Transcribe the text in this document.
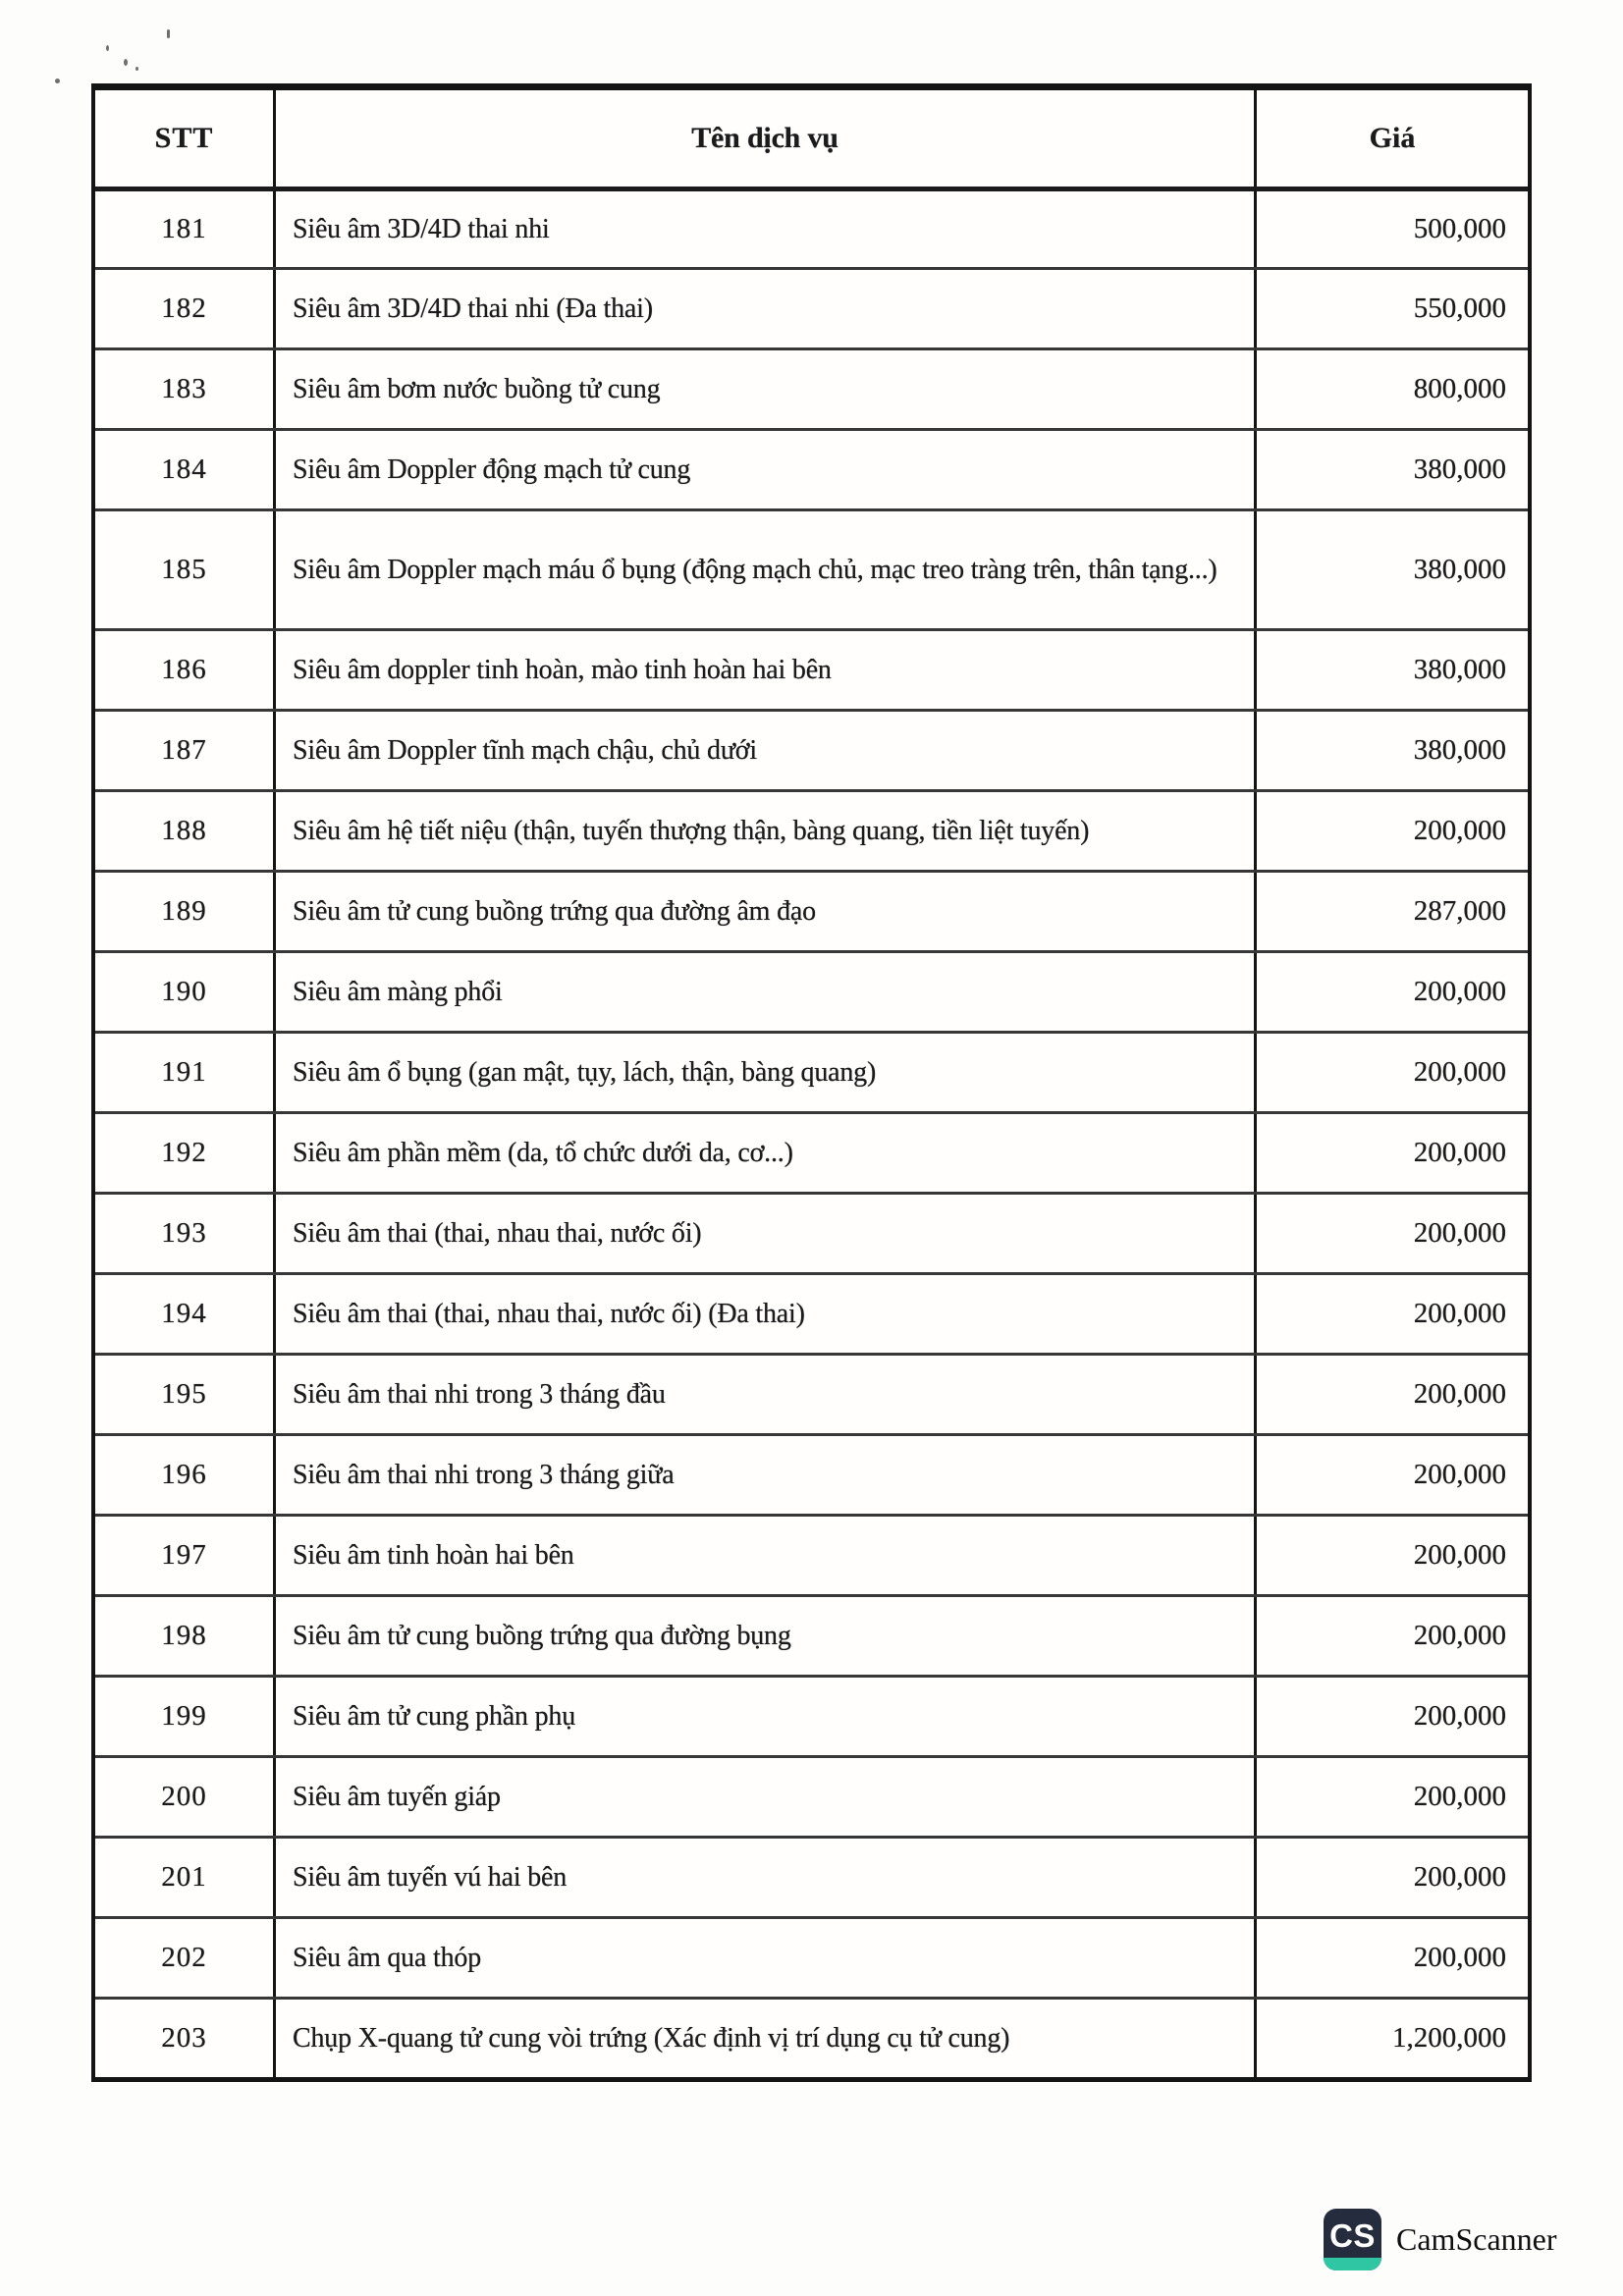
STT	Tên dịch vụ	Giá
181	Siêu âm 3D/4D thai nhi	500,000
182	Siêu âm 3D/4D thai nhi (Đa thai)	550,000
183	Siêu âm bơm nước buồng tử cung	800,000
184	Siêu âm Doppler động mạch tử cung	380,000
185	Siêu âm Doppler mạch máu ổ bụng (động mạch chủ, mạc treo tràng trên, thân tạng...)	380,000
186	Siêu âm doppler tinh hoàn, mào tinh hoàn hai bên	380,000
187	Siêu âm Doppler tĩnh mạch chậu, chủ dưới	380,000
188	Siêu âm hệ tiết niệu (thận, tuyến thượng thận, bàng quang, tiền liệt tuyến)	200,000
189	Siêu âm tử cung buồng trứng qua đường âm đạo	287,000
190	Siêu âm màng phổi	200,000
191	Siêu âm ổ bụng (gan mật, tụy, lách, thận, bàng quang)	200,000
192	Siêu âm phần mềm (da, tổ chức dưới da, cơ...)	200,000
193	Siêu âm thai (thai, nhau thai, nước ối)	200,000
194	Siêu âm thai (thai, nhau thai, nước ối) (Đa thai)	200,000
195	Siêu âm thai nhi trong 3 tháng đầu	200,000
196	Siêu âm thai nhi trong 3 tháng giữa	200,000
197	Siêu âm tinh hoàn hai bên	200,000
198	Siêu âm tử cung buồng trứng qua đường bụng	200,000
199	Siêu âm tử cung phần phụ	200,000
200	Siêu âm tuyến giáp	200,000
201	Siêu âm tuyến vú hai bên	200,000
202	Siêu âm qua thóp	200,000
203	Chụp X-quang tử cung vòi trứng (Xác định vị trí dụng cụ tử cung)	1,200,000
CS CamScanner
